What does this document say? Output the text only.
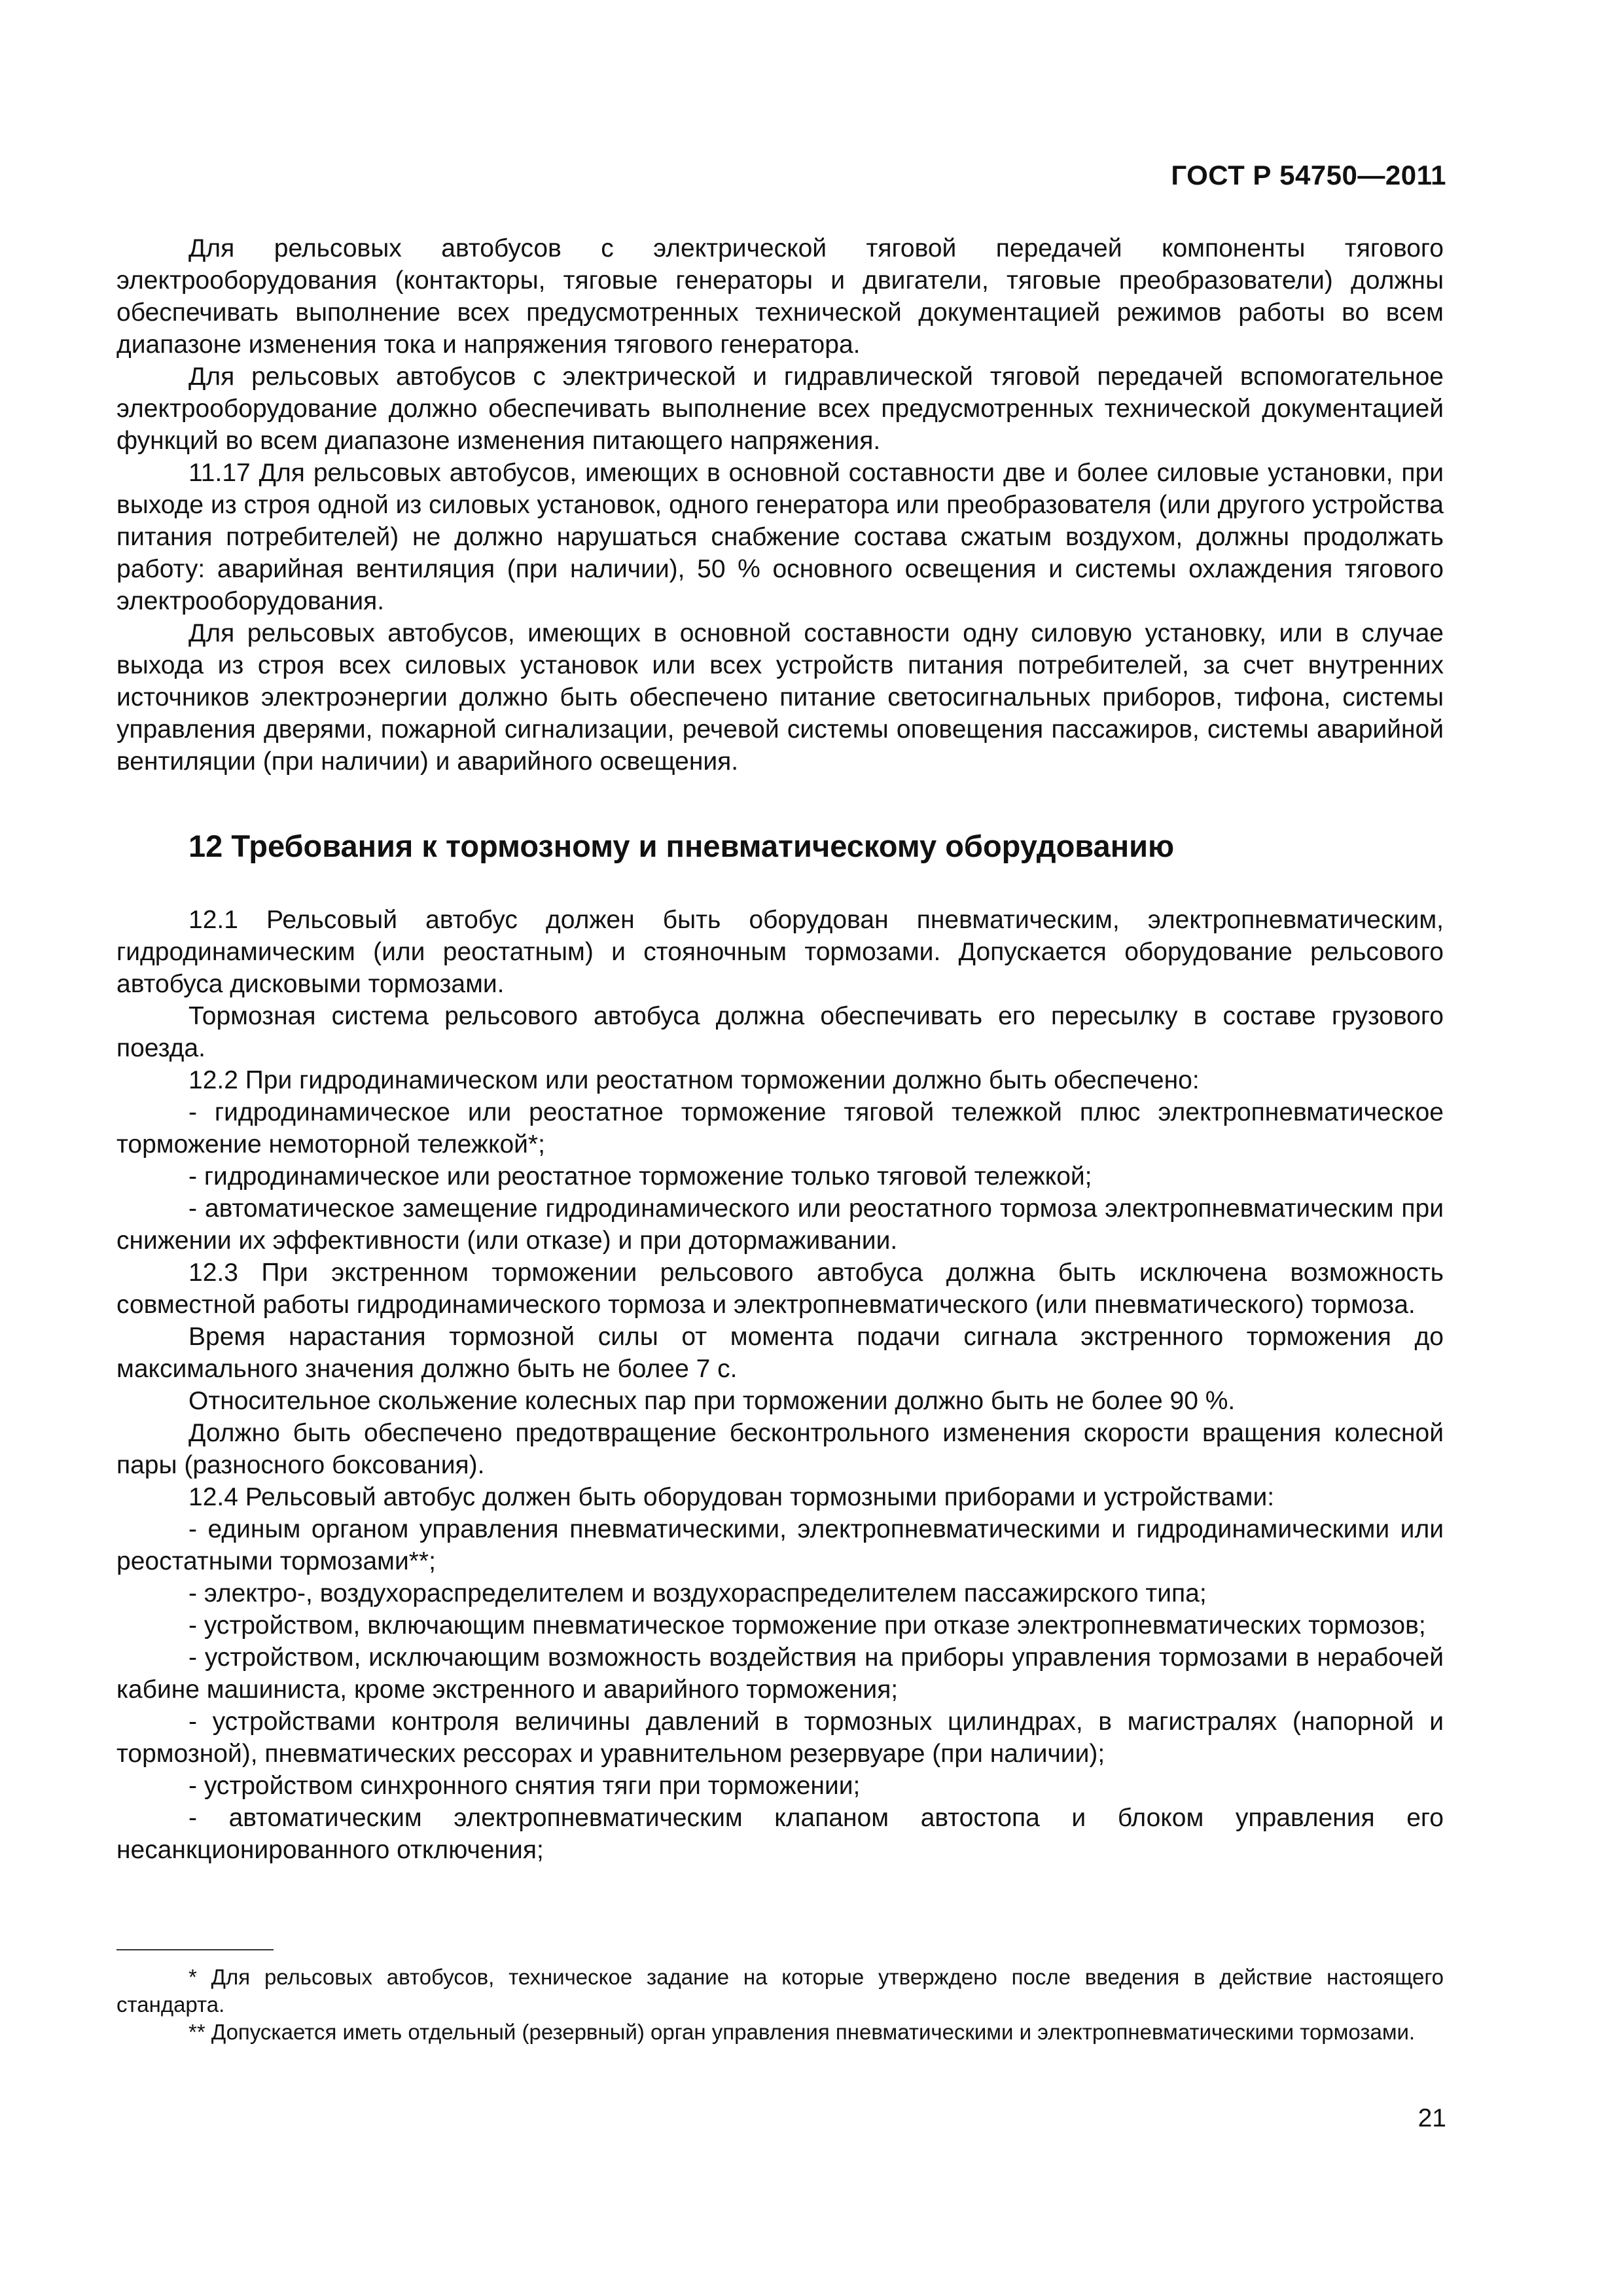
ГОСТ Р 54750—2011

Для рельсовых автобусов с электрической тяговой передачей компоненты тягового электрооборудования (контакторы, тяговые генераторы и двигатели, тяговые преобразователи) должны обеспечивать выполнение всех предусмотренных технической документацией режимов работы во всем диапазоне изменения тока и напряжения тягового генератора.

Для рельсовых автобусов с электрической и гидравлической тяговой передачей вспомогательное электрооборудование должно обеспечивать выполнение всех предусмотренных технической документацией функций во всем диапазоне изменения питающего напряжения.

11.17 Для рельсовых автобусов, имеющих в основной составности две и более силовые установки, при выходе из строя одной из силовых установок, одного генератора или преобразователя (или другого устройства питания потребителей) не должно нарушаться снабжение состава сжатым воздухом, должны продолжать работу: аварийная вентиляция (при наличии), 50 % основного освещения и системы охлаждения тягового электрооборудования.

Для рельсовых автобусов, имеющих в основной составности одну силовую установку, или в случае выхода из строя всех силовых установок или всех устройств питания потребителей, за счет внутренних источников электроэнергии должно быть обеспечено питание светосигнальных приборов, тифона, системы управления дверями, пожарной сигнализации, речевой системы оповещения пассажиров, системы аварийной вентиляции (при наличии) и аварийного освещения.

12 Требования к тормозному и пневматическому оборудованию

12.1 Рельсовый автобус должен быть оборудован пневматическим, электропневматическим, гидродинамическим (или реостатным) и стояночным тормозами. Допускается оборудование рельсового автобуса дисковыми тормозами.

Тормозная система рельсового автобуса должна обеспечивать его пересылку в составе грузового поезда.

12.2 При гидродинамическом или реостатном торможении должно быть обеспечено:

- гидродинамическое или реостатное торможение тяговой тележкой плюс электропневматическое торможение немоторной тележкой*;

- гидродинамическое или реостатное торможение только тяговой тележкой;

- автоматическое замещение гидродинамического или реостатного тормоза электропневматическим при снижении их эффективности (или отказе) и при дотормаживании.

12.3 При экстренном торможении рельсового автобуса должна быть исключена возможность совместной работы гидродинамического тормоза и электропневматического (или пневматического) тормоза.

Время нарастания тормозной силы от момента подачи сигнала экстренного торможения до максимального значения должно быть не более 7 с.

Относительное скольжение колесных пар при торможении должно быть не более 90 %.

Должно быть обеспечено предотвращение бесконтрольного изменения скорости вращения колесной пары (разносного боксования).

12.4 Рельсовый автобус должен быть оборудован тормозными приборами и устройствами:

- единым органом управления пневматическими, электропневматическими и гидродинамическими или реостатными тормозами**;

- электро-, воздухораспределителем и воздухораспределителем пассажирского типа;

- устройством, включающим пневматическое торможение при отказе электропневматических тормозов;

- устройством, исключающим возможность воздействия на приборы управления тормозами в нерабочей кабине машиниста, кроме экстренного и аварийного торможения;

- устройствами контроля величины давлений в тормозных цилиндрах, в магистралях (напорной и тормозной), пневматических рессорах и уравнительном резервуаре (при наличии);

- устройством синхронного снятия тяги при торможении;

- автоматическим электропневматическим клапаном автостопа и блоком управления его несанкционированного отключения;

* Для рельсовых автобусов, техническое задание на которые утверждено после введения в действие настоящего стандарта.

** Допускается иметь отдельный (резервный) орган управления пневматическими и электропневматическими тормозами.

21
